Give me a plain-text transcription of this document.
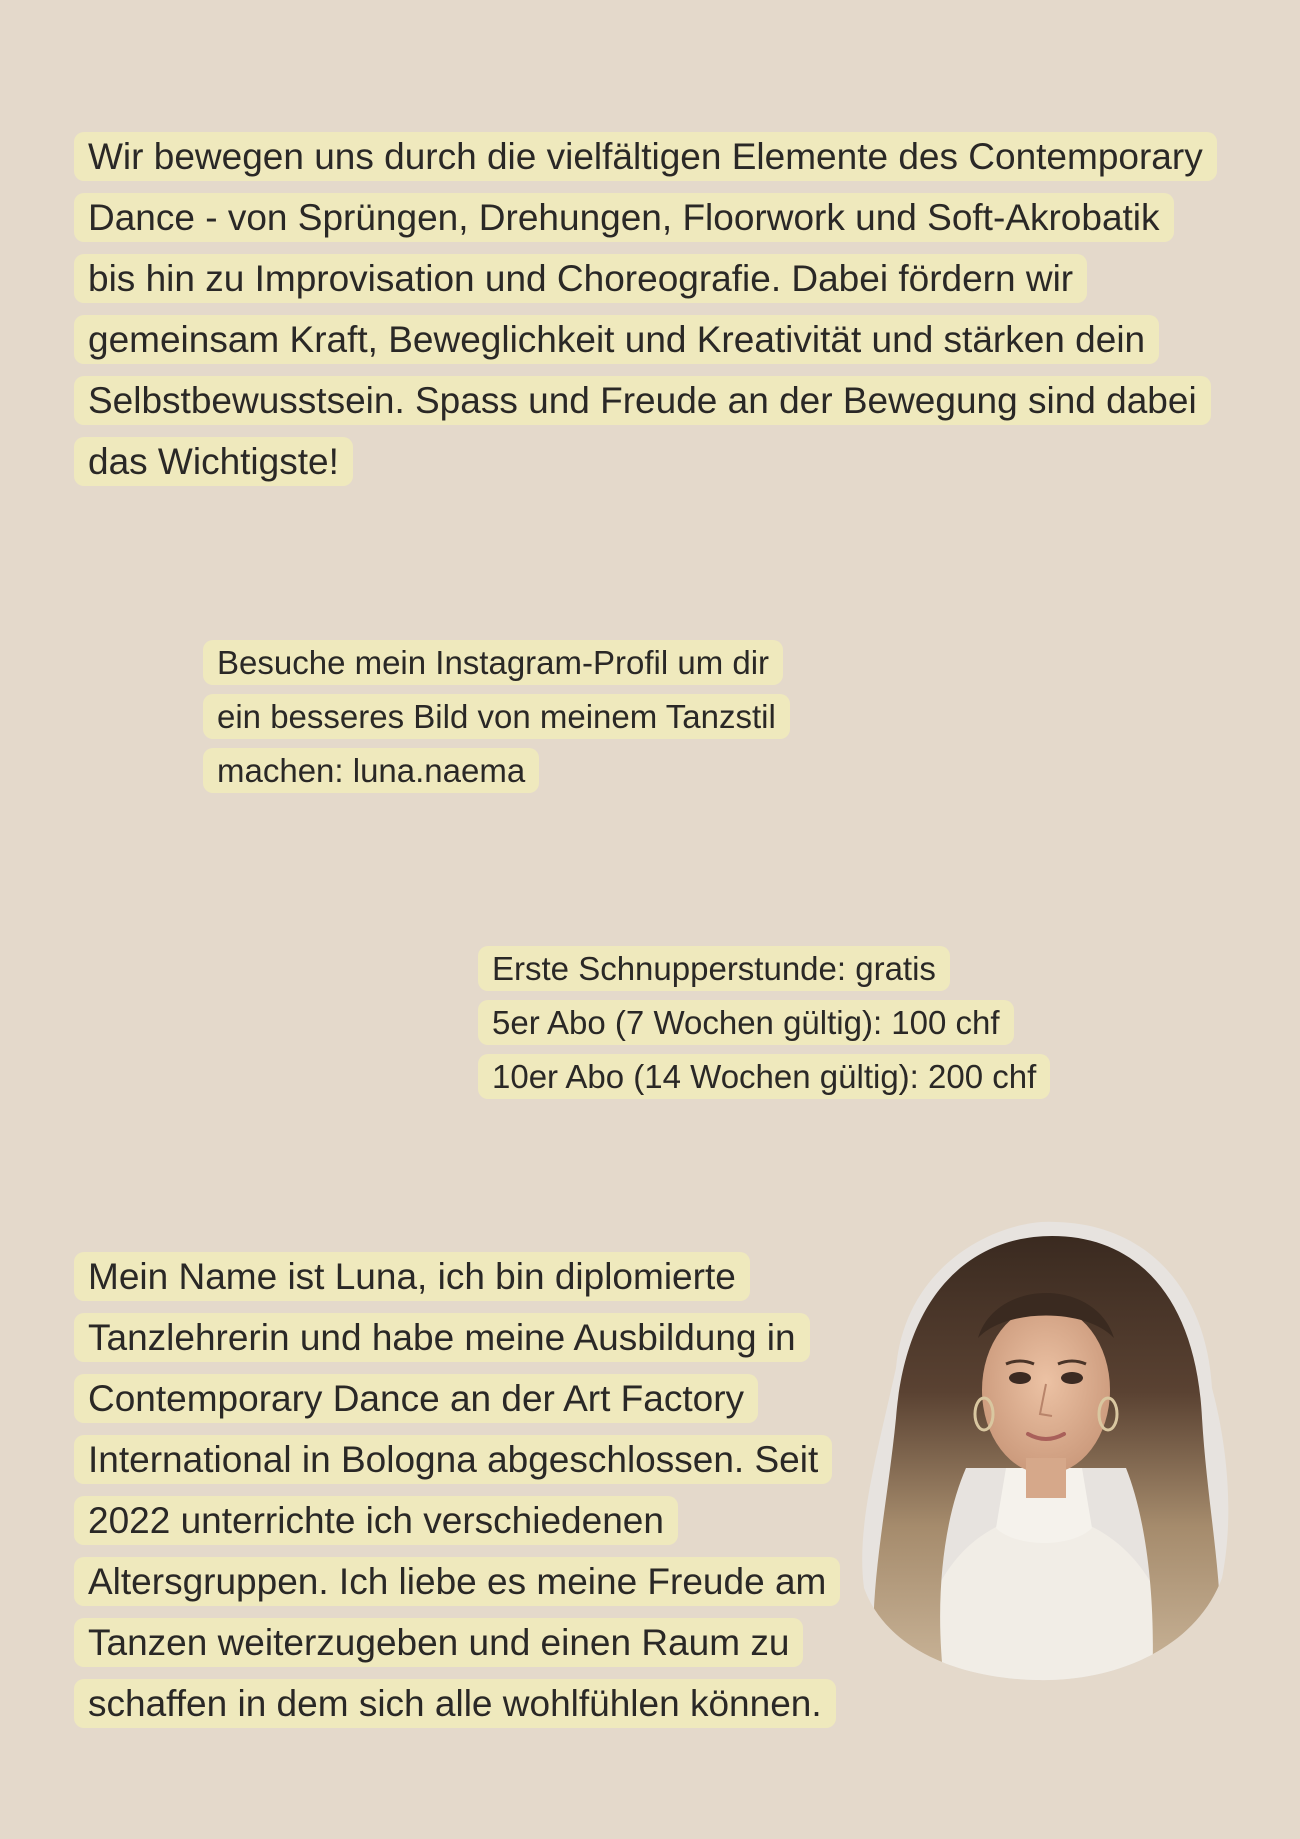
Wir bewegen uns durch die vielfältigen Elemente des Contemporary Dance - von Sprüngen, Drehungen, Floorwork und Soft-Akrobatik bis hin zu Improvisation und Choreografie. Dabei fördern wir gemeinsam Kraft, Beweglichkeit und Kreativität und stärken dein Selbstbewusstsein. Spass und Freude an der Bewegung sind dabei das Wichtigste!

Besuche mein Instagram-Profil um dir ein besseres Bild von meinem Tanzstil machen: luna.naema

Erste Schnupperstunde: gratis
5er Abo (7 Wochen gültig): 100 chf
10er Abo (14 Wochen gültig): 200 chf

Mein Name ist Luna, ich bin diplomierte Tanzlehrerin und habe meine Ausbildung in Contemporary Dance an der Art Factory International in Bologna abgeschlossen. Seit 2022 unterrichte ich verschiedenen Altersgruppen. Ich liebe es meine Freude am Tanzen weiterzugeben und einen Raum zu schaffen in dem sich alle wohlfühlen können.
